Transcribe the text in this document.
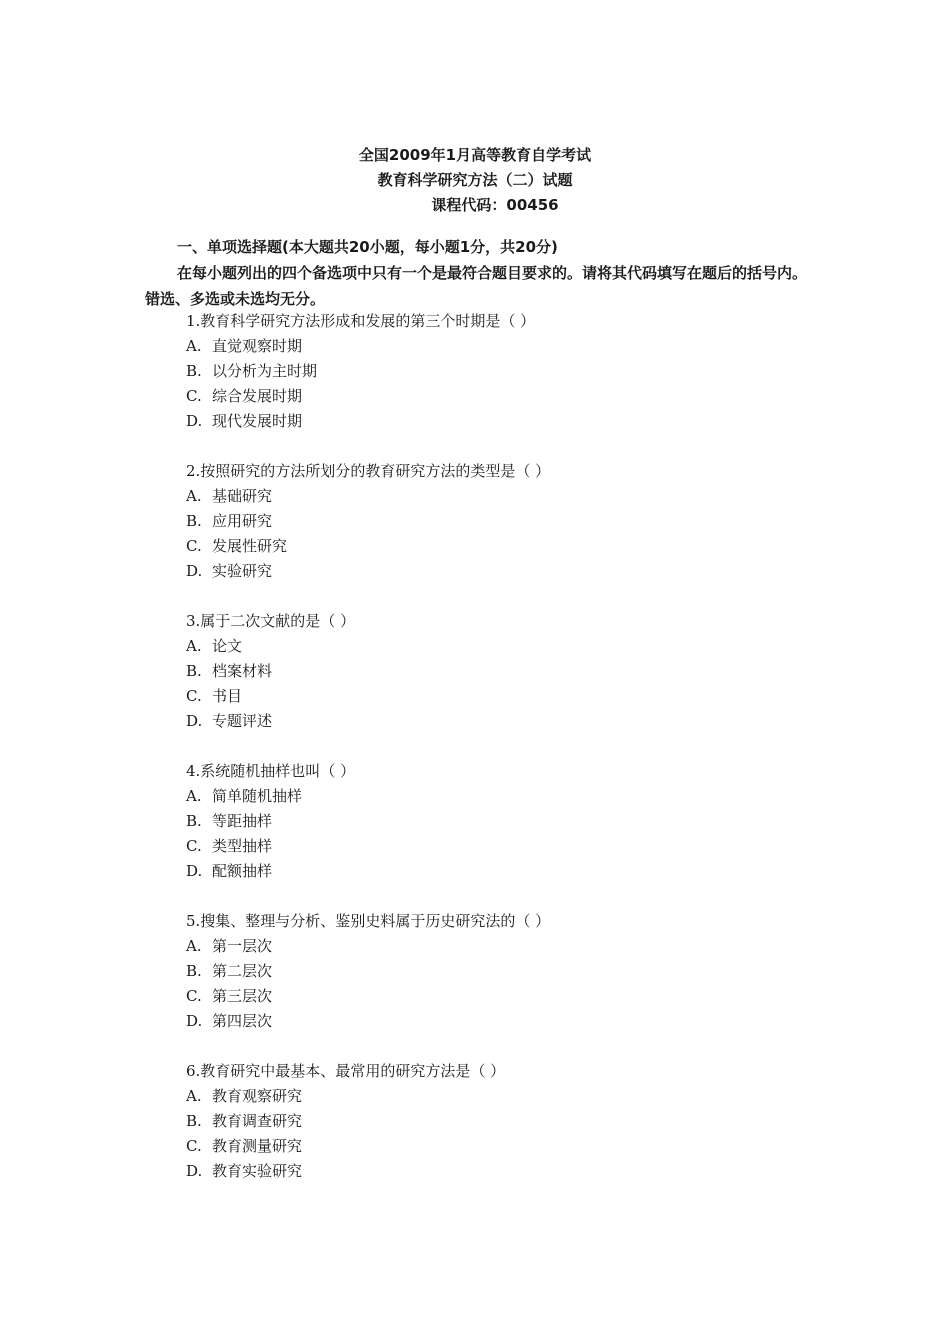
全国2009年1月高等教育自学考试
教育科学研究方法（二）试题
课程代码：00456
一、单项选择题(本大题共20小题，每小题1分，共20分)
在每小题列出的四个备选项中只有一个是最符合题目要求的。请将其代码填写在题后的括号内。错选、多选或未选均无分。
1.教育科学研究方法形成和发展的第三个时期是（ ）
A. 直觉观察时期
B. 以分析为主时期
C. 综合发展时期
D. 现代发展时期
2.按照研究的方法所划分的教育研究方法的类型是（ ）
A. 基础研究
B. 应用研究
C. 发展性研究
D. 实验研究
3.属于二次文献的是（ ）
A. 论文
B. 档案材料
C. 书目
D. 专题评述
4.系统随机抽样也叫（ ）
A. 简单随机抽样
B. 等距抽样
C. 类型抽样
D. 配额抽样
5.搜集、整理与分析、鉴别史料属于历史研究法的（ ）
A. 第一层次
B. 第二层次
C. 第三层次
D. 第四层次
6.教育研究中最基本、最常用的研究方法是（ ）
A. 教育观察研究
B. 教育调查研究
C. 教育测量研究
D. 教育实验研究
